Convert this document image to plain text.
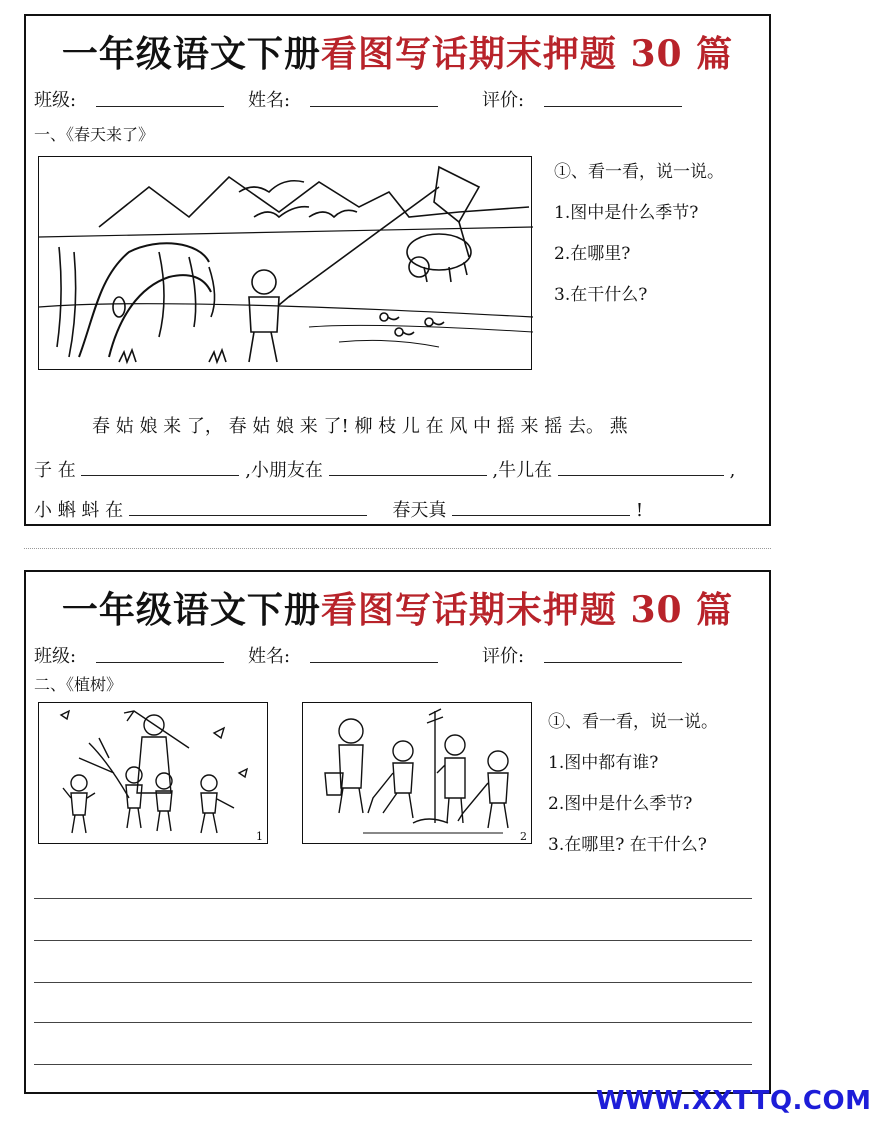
一年级语文下册看图写话期末押题 30 篇
班级:	姓名:	评价:
一、《春天来了》
①、看一看，说一说。
1.图中是什么季节?
2.在哪里?
3.在干什么?
春 姑 娘 来 了， 春 姑 娘 来 了! 柳 枝 儿 在 风 中 摇 来 摇 去。 燕
子 在	,小朋友在	,牛儿在	,
小 蝌 蚪 在	春天真	!
一年级语文下册看图写话期末押题 30 篇
班级:	姓名:	评价:
二、《植树》
1	2
①、看一看，说一说。
1.图中都有谁?
2.图中是什么季节?
3.在哪里? 在干什么?
WWW.XXTTQ.COM
